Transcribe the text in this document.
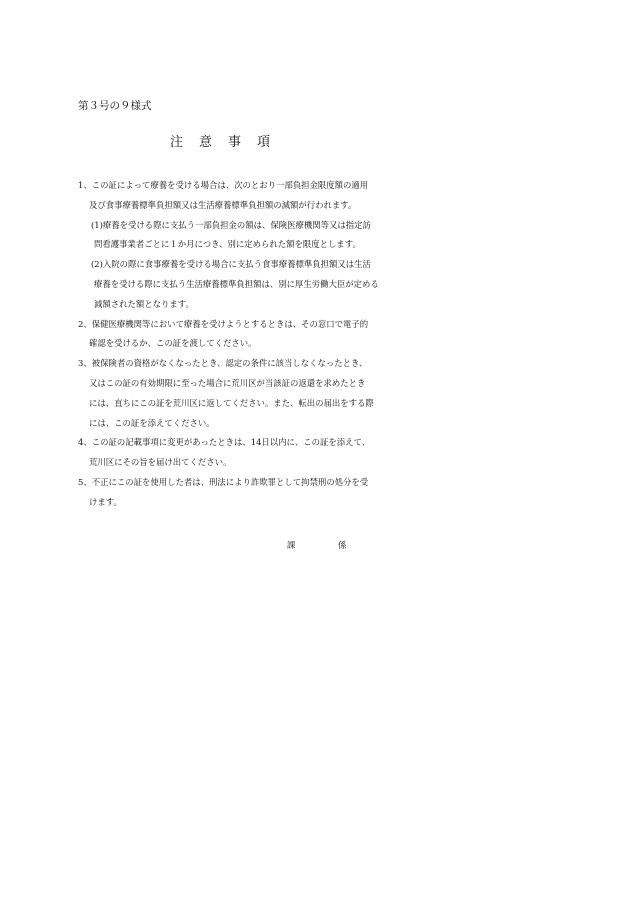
第３号の９様式
注意事項
1、この証によって療養を受ける場合は、次のとおり一部負担金限度額の適用
及び食事療養標準負担額又は生活療養標準負担額の減額が行われます。
(1)療養を受ける際に支払う一部負担金の額は、保険医療機関等又は指定訪
問看護事業者ごとに１か月につき、別に定められた額を限度とします。
(2)入院の際に食事療養を受ける場合に支払う食事療養標準負担額又は生活
療養を受ける際に支払う生活療養標準負担額は、別に厚生労働大臣が定める
減額された額となります。
2、保健医療機関等において療養を受けようとするときは、その窓口で電子的
確認を受けるか、この証を渡してください。
3、被保険者の資格がなくなったとき、認定の条件に該当しなくなったとき、
又はこの証の有効期限に至った場合に荒川区が当該証の返還を求めたとき
には、直ちにこの証を荒川区に返してください。また、転出の届出をする際
には、この証を添えてください。
4、この証の記載事項に変更があったときは、14日以内に、この証を添えて、
荒川区にその旨を届け出てください。
5、不正にこの証を使用した者は、刑法により詐欺罪として拘禁刑の処分を受
けます。
課	係
